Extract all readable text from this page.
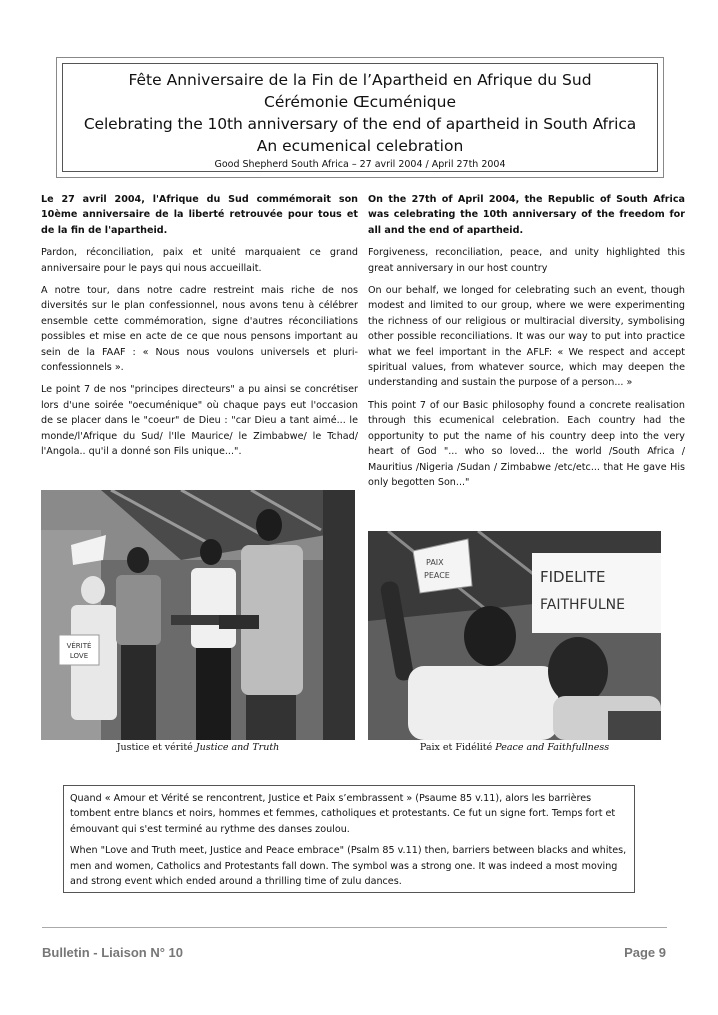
Fête Anniversaire de la Fin de l’Apartheid en Afrique du Sud
Cérémonie Œcuménique
Celebrating the 10th anniversary of the end of apartheid in South Africa
An ecumenical celebration
Good Shepherd South Africa – 27 avril 2004 / April 27th 2004

Le 27 avril 2004, l'Afrique du Sud commémorait son 10ème anniversaire de la liberté retrouvée pour tous et de la fin de l'apartheid.

Pardon, réconciliation, paix et unité marquaient ce grand anniversaire pour le pays qui nous accueillait.

A notre tour, dans notre cadre restreint mais riche de nos diversités sur le plan confessionnel, nous avons tenu à célébrer ensemble cette commémoration, signe d'autres réconciliations possibles et mise en acte de ce que nous pensons important au sein de la FAAF : « Nous nous voulons universels et pluri-confessionnels ».

Le point 7 de nos "principes directeurs" a pu ainsi se concrétiser lors d'une soirée "oecuménique" où chaque pays eut l'occasion de se placer dans le "coeur" de Dieu : "car Dieu a tant aimé... le monde/l'Afrique du Sud/ l'Ile Maurice/ le Zimbabwe/ le Tchad/ l'Angola.. qu'il a donné son Fils unique...".

On the 27th of April 2004, the Republic of South Africa was celebrating the 10th anniversary of the freedom for all and the end of apartheid.

Forgiveness, reconciliation, peace, and unity highlighted this great anniversary in our host country

On our behalf, we longed for celebrating such an event, though modest and limited to our group, where we were experimenting the richness of our religious or multiracial diversity, symbolising other possible reconciliations. It was our way to put into practice what we feel important in the AFLF: « We respect and accept spiritual values, from whatever source, which may deepen the understanding and sustain the purpose of a person... »

This point 7 of our Basic philosophy found a concrete realisation through this ecumenical celebration. Each country had the opportunity to put the name of his country deep into the very heart of God "... who so loved... the world /South Africa / Mauritius /Nigeria /Sudan / Zimbabwe /etc/etc... that He gave His only begotten Son..."

VÉRITÉ
LOVE
Justice et vérité Justice and Truth
PAIX
PEACE	FIDELITE
FAITHFULNE
Paix et Fidélité Peace and Faithfullness

Quand « Amour et Vérité se rencontrent, Justice et Paix s’embrassent » (Psaume 85 v.11), alors les barrières tombent entre blancs et noirs, hommes et femmes, catholiques et protestants. Ce fut un signe fort. Temps fort et émouvant qui s'est terminé au rythme des danses zoulou.

When "Love and Truth meet, Justice and Peace embrace" (Psalm 85 v.11) then, barriers between blacks and whites, men and women, Catholics and Protestants fall down. The symbol was a strong one. It was indeed a most moving and strong event which ended around a thrilling time of zulu dances.

Bulletin - Liaison N° 10	Page 9
